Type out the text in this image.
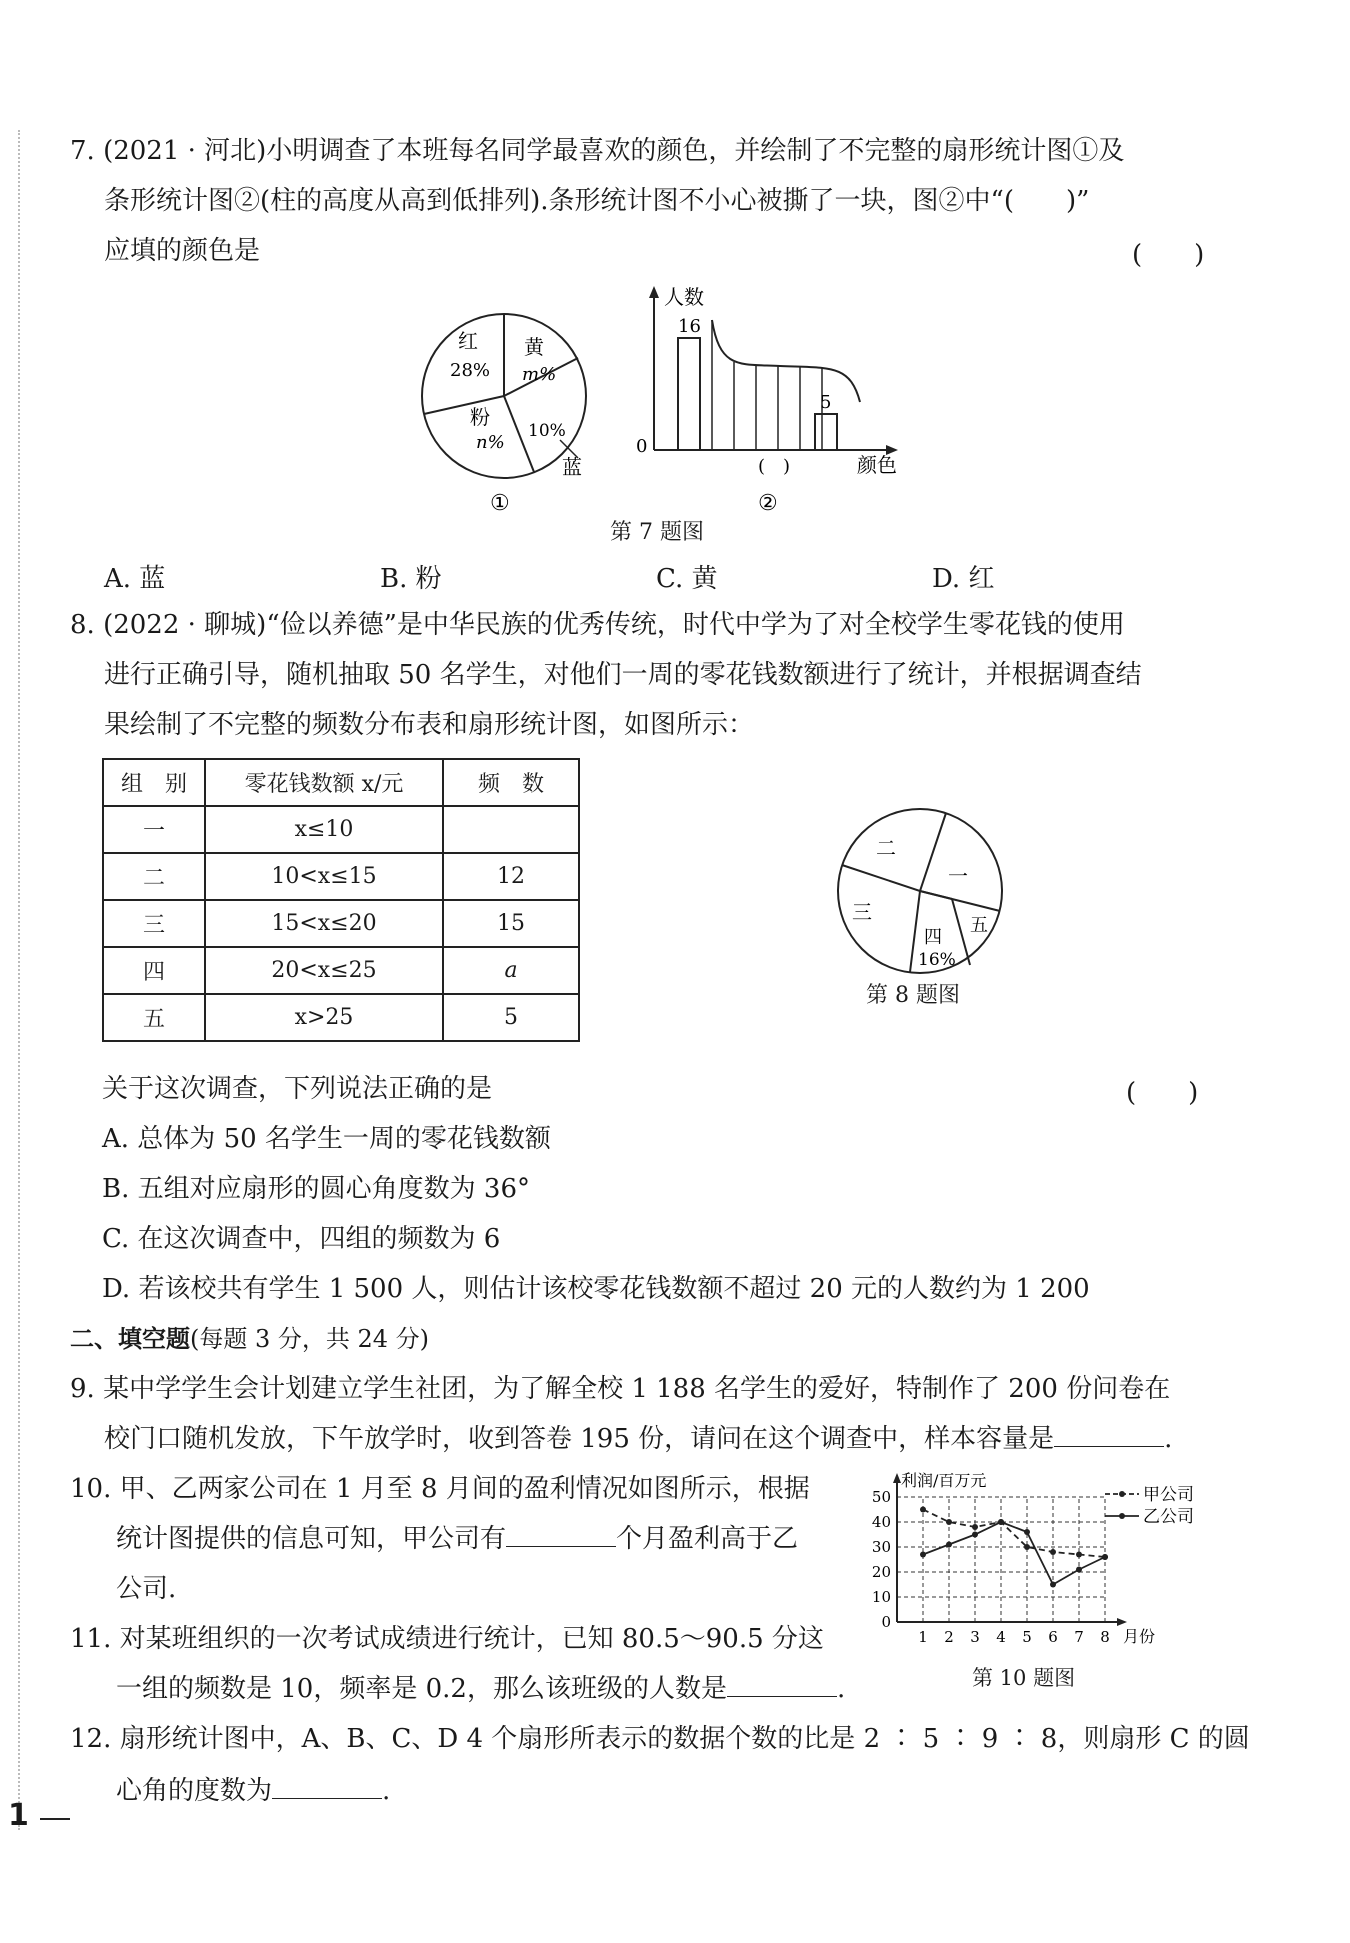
7. (2021 · 河北)小明调查了本班每名同学最喜欢的颜色，并绘制了不完整的扇形统计图①及
条形统计图②(柱的高度从高到低排列).条形统计图不小心被撕了一块，图②中“(　　)”
应填的颜色是	(　　)
红
28%
黄
m%
粉
n%
10%
蓝
①
人数
颜色
0
16
5
(　)
②
第 7 题图
A. 蓝	B. 粉	C. 黄	D. 红
8. (2022 · 聊城)“俭以养德”是中华民族的优秀传统，时代中学为了对全校学生零花钱的使用
进行正确引导，随机抽取 50 名学生，对他们一周的零花钱数额进行了统计，并根据调查结
果绘制了不完整的频数分布表和扇形统计图，如图所示：
组　别	零花钱数额 x/元	频　数
一	x≤10	
二	10<x≤15	12
三	15<x≤20	15
四	20<x≤25	a
五	x>25	5
二
一
三
五
四
16%
第 8 题图
关于这次调查，下列说法正确的是	(　　)
A. 总体为 50 名学生一周的零花钱数额
B. 五组对应扇形的圆心角度数为 36°
C. 在这次调查中，四组的频数为 6
D. 若该校共有学生 1 500 人，则估计该校零花钱数额不超过 20 元的人数约为 1 200
二、填空题(每题 3 分，共 24 分)
9. 某中学学生会计划建立学生社团，为了解全校 1 188 名学生的爱好，特制作了 200 份问卷在
校门口随机发放，下午放学时，收到答卷 195 份，请问在这个调查中，样本容量是	.
10. 甲、乙两家公司在 1 月至 8 月间的盈利情况如图所示，根据
统计图提供的信息可知，甲公司有	个月盈利高于乙
公司.
利润/百万元
月份
0
10
20
30
40
50
1 2 3 4 5 6 7 8
甲公司
乙公司
第 10 题图
11. 对某班组织的一次考试成绩进行统计，已知 80.5～90.5 分这
一组的频数是 10，频率是 0.2，那么该班级的人数是	.
12. 扇形统计图中，A、B、C、D 4 个扇形所表示的数据个数的比是 2 ∶ 5 ∶ 9 ∶ 8，则扇形 C 的圆
心角的度数为	.
1
